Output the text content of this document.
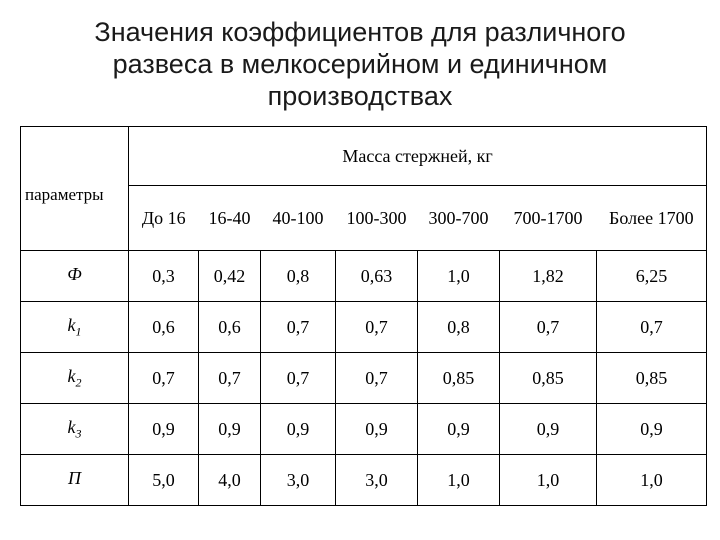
Значения коэффициентов для различного
развеса в мелкосерийном и единичном
производствах
параметры	Масса стержней, кг						
	До 16	16-40	40-100	100-300	300-700	700-1700	Более 1700
Ф	0,3	0,42	0,8	0,63	1,0	1,82	6,25
$k_1$	0,6	0,6	0,7	0,7	0,8	0,7	0,7
$k_2$	0,7	0,7	0,7	0,7	0,85	0,85	0,85
$k_3$	0,9	0,9	0,9	0,9	0,9	0,9	0,9
П	5,0	4,0	3,0	3,0	1,0	1,0	1,0
